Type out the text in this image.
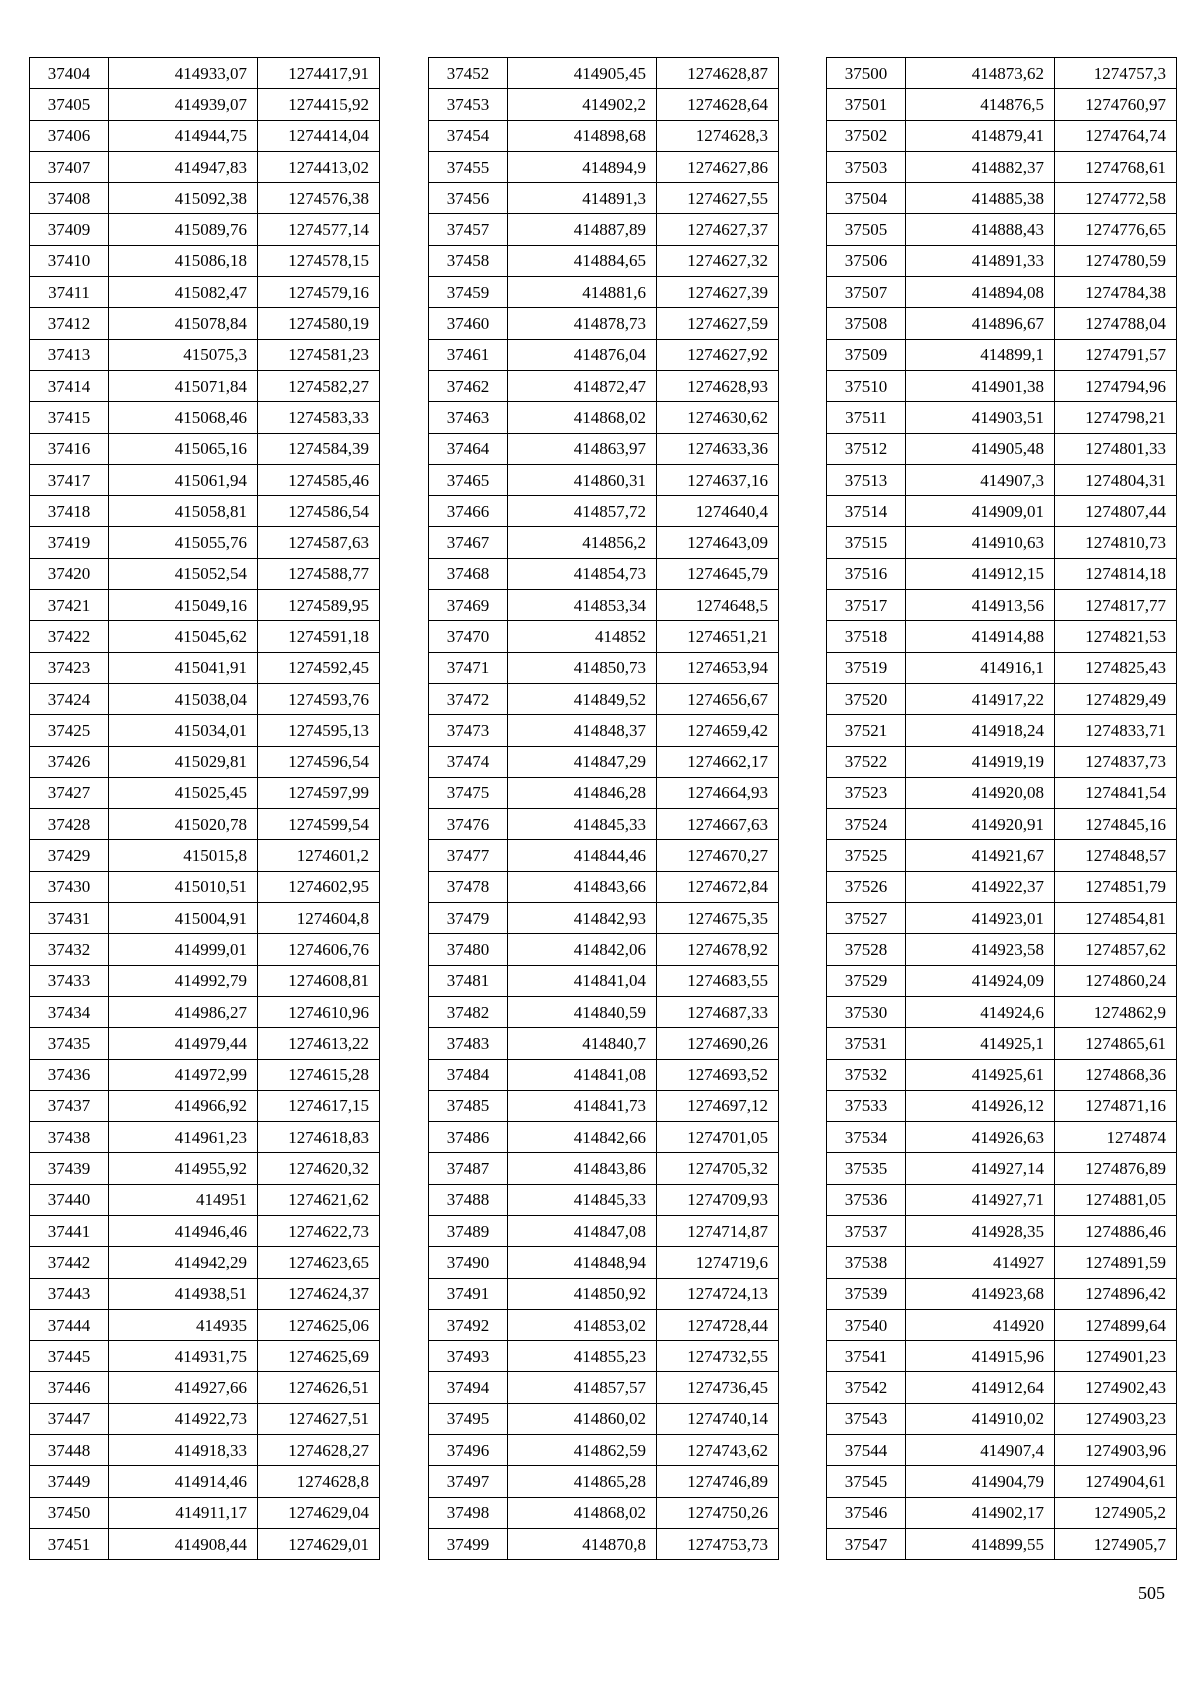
37404	414933,07	1274417,91
37405	414939,07	1274415,92
37406	414944,75	1274414,04
37407	414947,83	1274413,02
37408	415092,38	1274576,38
37409	415089,76	1274577,14
37410	415086,18	1274578,15
37411	415082,47	1274579,16
37412	415078,84	1274580,19
37413	415075,3	1274581,23
37414	415071,84	1274582,27
37415	415068,46	1274583,33
37416	415065,16	1274584,39
37417	415061,94	1274585,46
37418	415058,81	1274586,54
37419	415055,76	1274587,63
37420	415052,54	1274588,77
37421	415049,16	1274589,95
37422	415045,62	1274591,18
37423	415041,91	1274592,45
37424	415038,04	1274593,76
37425	415034,01	1274595,13
37426	415029,81	1274596,54
37427	415025,45	1274597,99
37428	415020,78	1274599,54
37429	415015,8	1274601,2
37430	415010,51	1274602,95
37431	415004,91	1274604,8
37432	414999,01	1274606,76
37433	414992,79	1274608,81
37434	414986,27	1274610,96
37435	414979,44	1274613,22
37436	414972,99	1274615,28
37437	414966,92	1274617,15
37438	414961,23	1274618,83
37439	414955,92	1274620,32
37440	414951	1274621,62
37441	414946,46	1274622,73
37442	414942,29	1274623,65
37443	414938,51	1274624,37
37444	414935	1274625,06
37445	414931,75	1274625,69
37446	414927,66	1274626,51
37447	414922,73	1274627,51
37448	414918,33	1274628,27
37449	414914,46	1274628,8
37450	414911,17	1274629,04
37451	414908,44	1274629,01
37452	414905,45	1274628,87
37453	414902,2	1274628,64
37454	414898,68	1274628,3
37455	414894,9	1274627,86
37456	414891,3	1274627,55
37457	414887,89	1274627,37
37458	414884,65	1274627,32
37459	414881,6	1274627,39
37460	414878,73	1274627,59
37461	414876,04	1274627,92
37462	414872,47	1274628,93
37463	414868,02	1274630,62
37464	414863,97	1274633,36
37465	414860,31	1274637,16
37466	414857,72	1274640,4
37467	414856,2	1274643,09
37468	414854,73	1274645,79
37469	414853,34	1274648,5
37470	414852	1274651,21
37471	414850,73	1274653,94
37472	414849,52	1274656,67
37473	414848,37	1274659,42
37474	414847,29	1274662,17
37475	414846,28	1274664,93
37476	414845,33	1274667,63
37477	414844,46	1274670,27
37478	414843,66	1274672,84
37479	414842,93	1274675,35
37480	414842,06	1274678,92
37481	414841,04	1274683,55
37482	414840,59	1274687,33
37483	414840,7	1274690,26
37484	414841,08	1274693,52
37485	414841,73	1274697,12
37486	414842,66	1274701,05
37487	414843,86	1274705,32
37488	414845,33	1274709,93
37489	414847,08	1274714,87
37490	414848,94	1274719,6
37491	414850,92	1274724,13
37492	414853,02	1274728,44
37493	414855,23	1274732,55
37494	414857,57	1274736,45
37495	414860,02	1274740,14
37496	414862,59	1274743,62
37497	414865,28	1274746,89
37498	414868,02	1274750,26
37499	414870,8	1274753,73
37500	414873,62	1274757,3
37501	414876,5	1274760,97
37502	414879,41	1274764,74
37503	414882,37	1274768,61
37504	414885,38	1274772,58
37505	414888,43	1274776,65
37506	414891,33	1274780,59
37507	414894,08	1274784,38
37508	414896,67	1274788,04
37509	414899,1	1274791,57
37510	414901,38	1274794,96
37511	414903,51	1274798,21
37512	414905,48	1274801,33
37513	414907,3	1274804,31
37514	414909,01	1274807,44
37515	414910,63	1274810,73
37516	414912,15	1274814,18
37517	414913,56	1274817,77
37518	414914,88	1274821,53
37519	414916,1	1274825,43
37520	414917,22	1274829,49
37521	414918,24	1274833,71
37522	414919,19	1274837,73
37523	414920,08	1274841,54
37524	414920,91	1274845,16
37525	414921,67	1274848,57
37526	414922,37	1274851,79
37527	414923,01	1274854,81
37528	414923,58	1274857,62
37529	414924,09	1274860,24
37530	414924,6	1274862,9
37531	414925,1	1274865,61
37532	414925,61	1274868,36
37533	414926,12	1274871,16
37534	414926,63	1274874
37535	414927,14	1274876,89
37536	414927,71	1274881,05
37537	414928,35	1274886,46
37538	414927	1274891,59
37539	414923,68	1274896,42
37540	414920	1274899,64
37541	414915,96	1274901,23
37542	414912,64	1274902,43
37543	414910,02	1274903,23
37544	414907,4	1274903,96
37545	414904,79	1274904,61
37546	414902,17	1274905,2
37547	414899,55	1274905,7
505
